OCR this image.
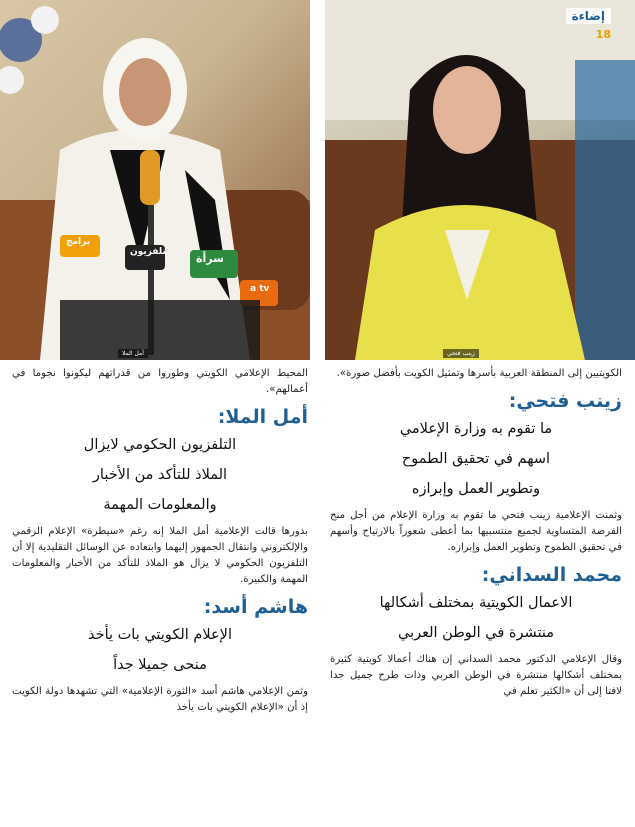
أمل الملا
سرأة
تلفزيون
a tv
برامج
زينب فتحي
إضاءة
18

المحيط الإعلامي الكويتي وطوروا من قدراتهم ليكونوا نجوما في أعمالهم».

أمل الملا:
التلفزيون الحكومي لايزال
الملاذ للتأكد من الأخبار
والمعلومات المهمة

بدورها قالت الإعلامية أمل الملا إنه رغم «سيطرة» الإعلام الرقمي والإلكتروني وانتقال الجمهور إليهما وابتعاده عن الوسائل التقليدية إلا أن التلفزيون الحكومي لا يزال هو الملاذ للتأكد من الأخبار والمعلومات المهمة والكبيرة.

هاشم أسد:
الإعلام الكويتي بات يأخذ
منحى جميلا جداً

وثمن الإعلامي هاشم أسد «الثورة الإعلامية» التي تشهدها دولة الكويت إذ أن «الإعلام الكويتي بات يأخذ

الكويتيين إلى المنطقة العربية بأسرها وتمثيل الكويت بأفضل صورة».

زينب فتحي:
ما تقوم به وزارة الإعلامي
اسهم في تحقيق الطموح
وتطوير العمل وإبرازه

وثمنت الإعلامية زينب فتحي ما تقوم به وزارة الإعلام من أجل منح الفرصة المتساوية لجميع منتسبيها بما أعطى شعوراً بالارتياح وأسهم في تحقيق الطموح وتطوير العمل وإبرازه.

محمد السداني:
الاعمال الكويتية بمختلف أشكالها
منتشرة في الوطن العربي

وقال الإعلامي الدكتور محمد السداني إن هناك أعمالا كويتية كثيرة بمختلف أشكالها منتشرة في الوطن العربي وذات طرح جميل جدا لافتا إلى أن «الكثير تعلم في
